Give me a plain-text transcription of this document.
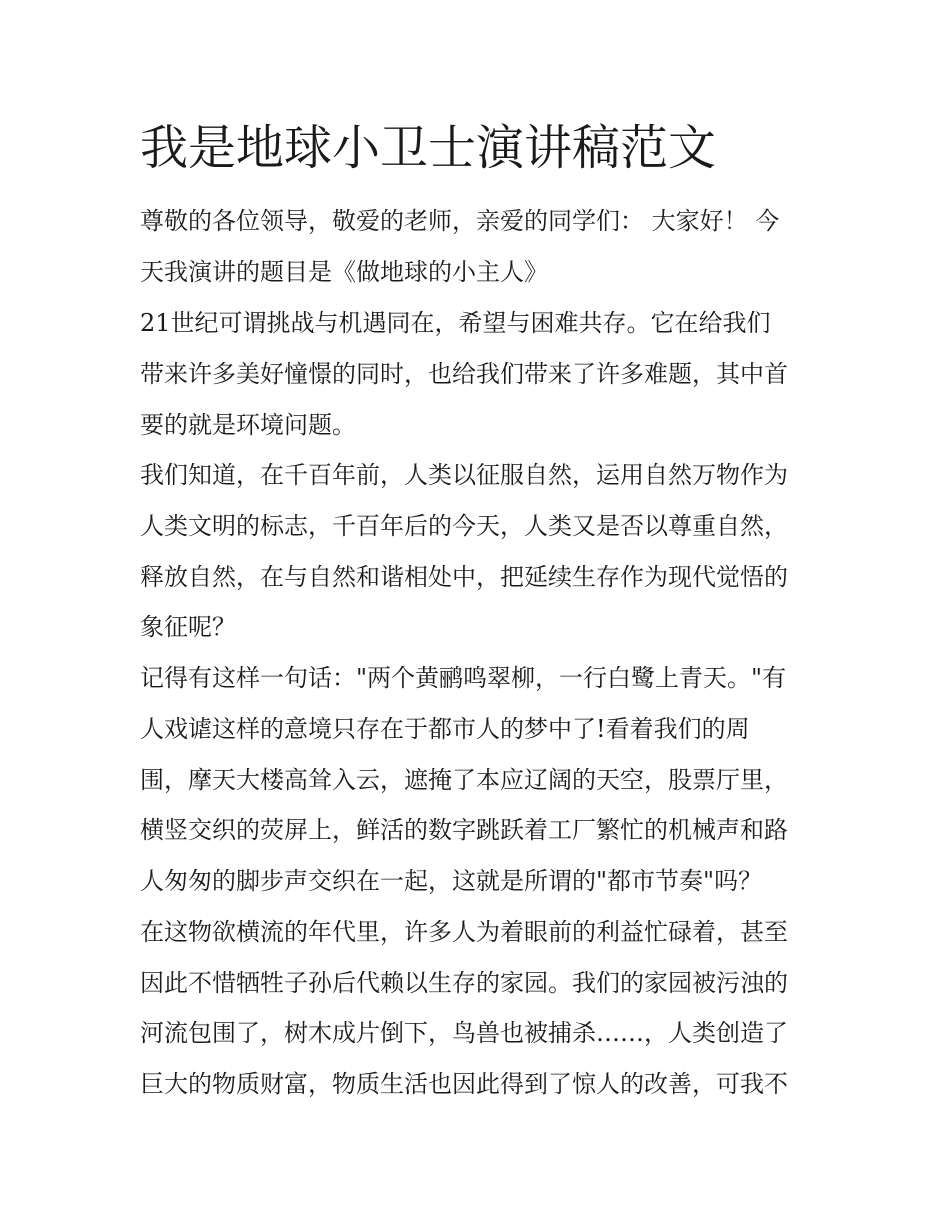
我是地球小卫士演讲稿范文

尊敬的各位领导，敬爱的老师，亲爱的同学们： 大家好！ 今

天我演讲的题目是《做地球的小主人》

21世纪可谓挑战与机遇同在，希望与困难共存。它在给我们

带来许多美好憧憬的同时，也给我们带来了许多难题，其中首

要的就是环境问题。

我们知道，在千百年前，人类以征服自然，运用自然万物作为

人类文明的标志，千百年后的今天，人类又是否以尊重自然，

释放自然，在与自然和谐相处中，把延续生存作为现代觉悟的

象征呢？

记得有这样一句话："两个黄鹂鸣翠柳，一行白鹭上青天。"有

人戏谑这样的意境只存在于都市人的梦中了!看着我们的周

围，摩天大楼高耸入云，遮掩了本应辽阔的天空，股票厅里，

横竖交织的荧屏上，鲜活的数字跳跃着工厂繁忙的机械声和路

人匆匆的脚步声交织在一起，这就是所谓的"都市节奏"吗？

在这物欲横流的年代里，许多人为着眼前的利益忙碌着，甚至

因此不惜牺牲子孙后代赖以生存的家园。我们的家园被污浊的

河流包围了，树木成片倒下，鸟兽也被捕杀……，人类创造了

巨大的物质财富，物质生活也因此得到了惊人的改善，可我不
